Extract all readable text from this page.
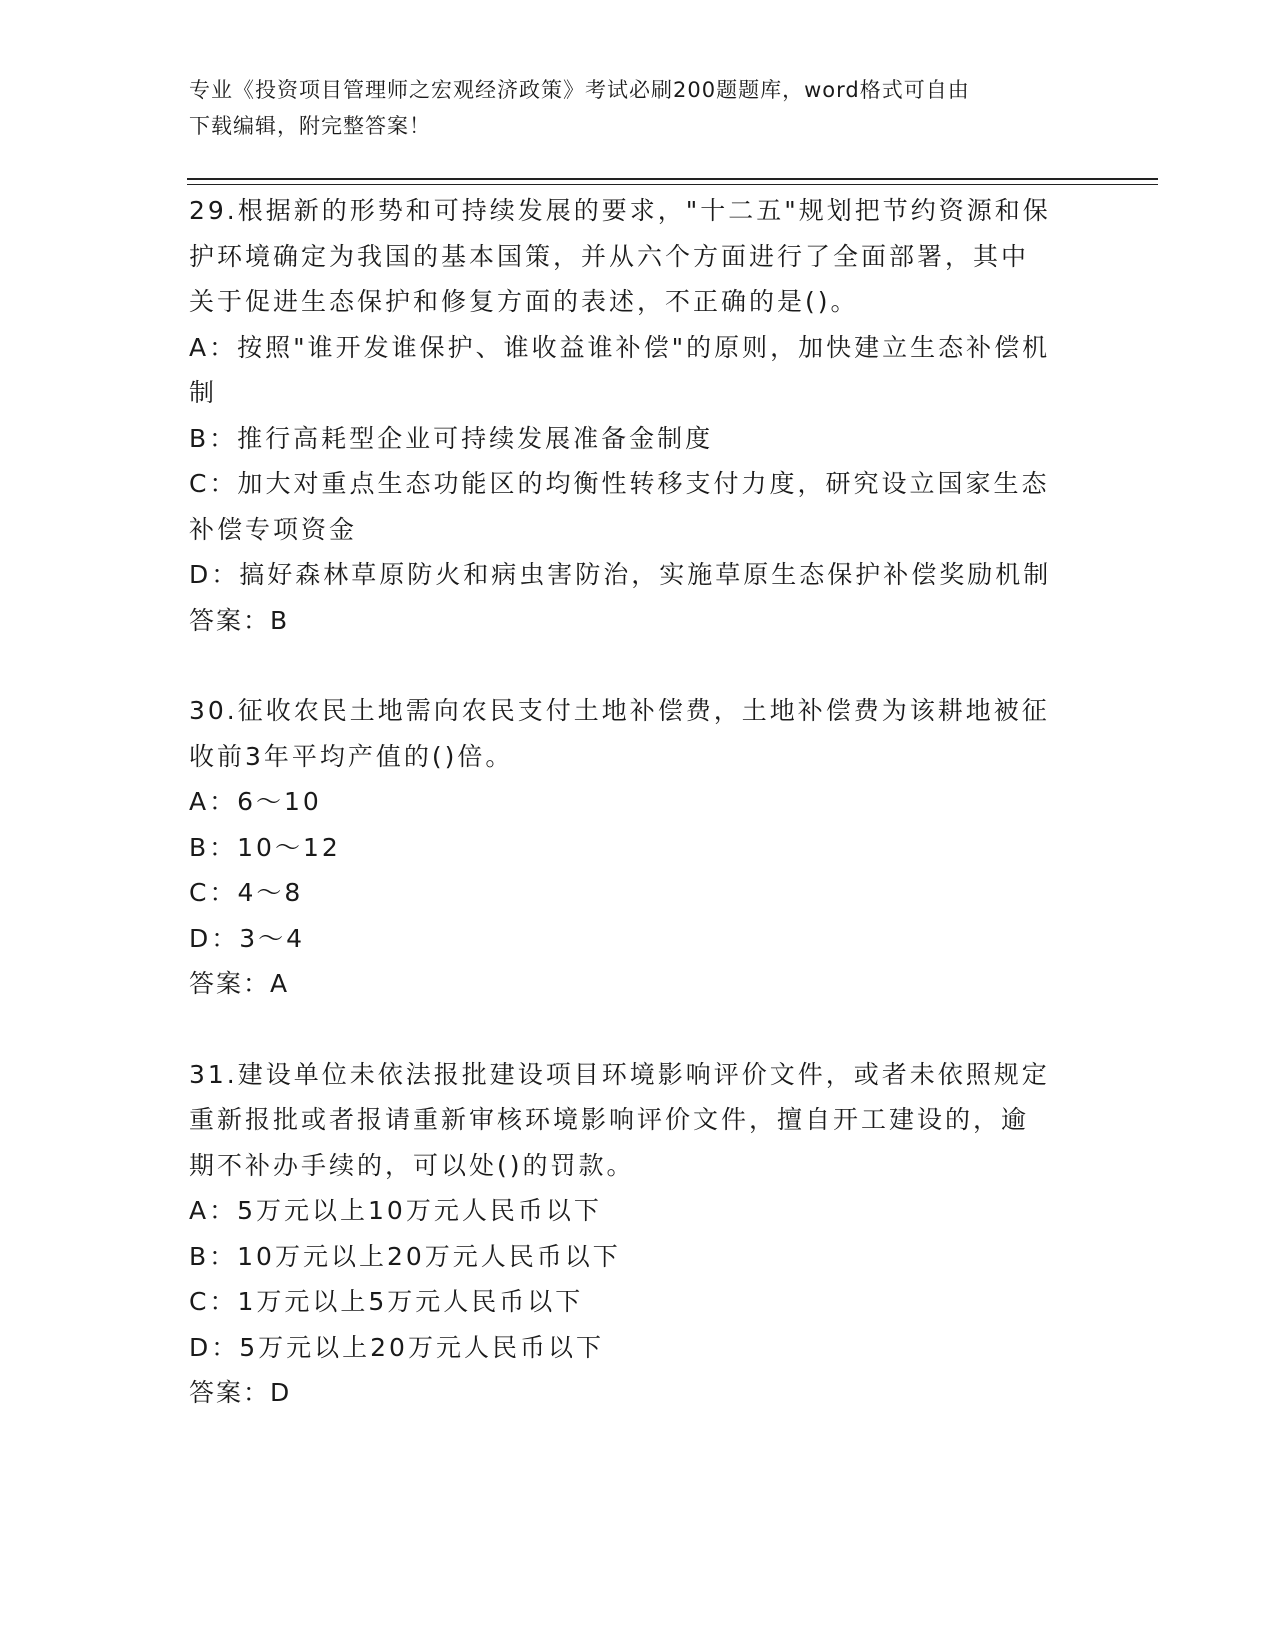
专业《投资项目管理师之宏观经济政策》考试必刷200题题库，word格式可自由
下载编辑，附完整答案！
29.根据新的形势和可持续发展的要求，"十二五"规划把节约资源和保
护环境确定为我国的基本国策，并从六个方面进行了全面部署，其中
关于促进生态保护和修复方面的表述，不正确的是()。
A：按照"谁开发谁保护、谁收益谁补偿"的原则，加快建立生态补偿机
制
B：推行高耗型企业可持续发展准备金制度
C：加大对重点生态功能区的均衡性转移支付力度，研究设立国家生态
补偿专项资金
D：搞好森林草原防火和病虫害防治，实施草原生态保护补偿奖励机制
答案：B
30.征收农民土地需向农民支付土地补偿费，土地补偿费为该耕地被征
收前3年平均产值的()倍。
A：6～10
B：10～12
C：4～8
D：3～4
答案：A
31.建设单位未依法报批建设项目环境影响评价文件，或者未依照规定
重新报批或者报请重新审核环境影响评价文件，擅自开工建设的，逾
期不补办手续的，可以处()的罚款。
A：5万元以上10万元人民币以下
B：10万元以上20万元人民币以下
C：1万元以上5万元人民币以下
D：5万元以上20万元人民币以下
答案：D
